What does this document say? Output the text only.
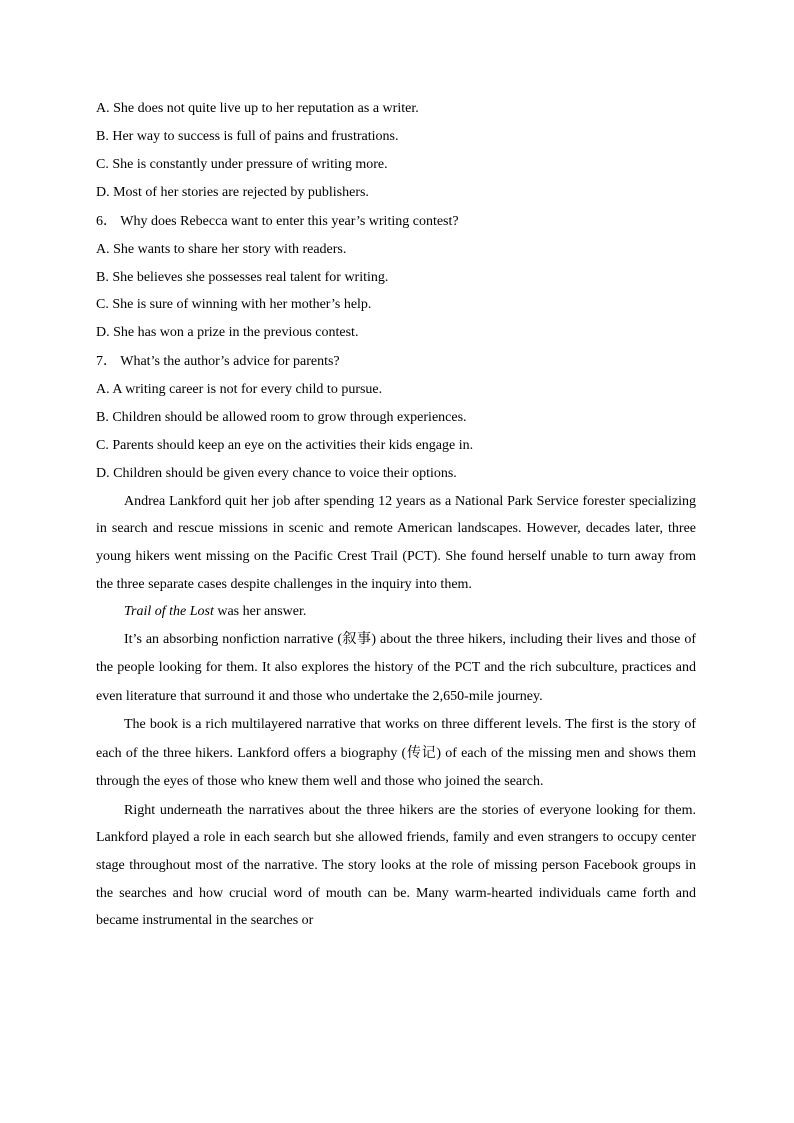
A. She does not quite live up to her reputation as a writer.
B. Her way to success is full of pains and frustrations.
C. She is constantly under pressure of writing more.
D. Most of her stories are rejected by publishers.
6． Why does Rebecca want to enter this year’s writing contest?
A. She wants to share her story with readers.
B. She believes she possesses real talent for writing.
C. She is sure of winning with her mother’s help.
D. She has won a prize in the previous contest.
7． What’s the author’s advice for parents?
A. A writing career is not for every child to pursue.
B. Children should be allowed room to grow through experiences.
C. Parents should keep an eye on the activities their kids engage in.
D. Children should be given every chance to voice their options.

Andrea Lankford quit her job after spending 12 years as a National Park Service forester specializing in search and rescue missions in scenic and remote American landscapes. However, decades later, three young hikers went missing on the Pacific Crest Trail (PCT). She found herself unable to turn away from the three separate cases despite challenges in the inquiry into them.

Trail of the Lost was her answer.

It’s an absorbing nonfiction narrative (叙事) about the three hikers, including their lives and those of the people looking for them. It also explores the history of the PCT and the rich subculture, practices and even literature that surround it and those who undertake the 2,650-mile journey.

The book is a rich multilayered narrative that works on three different levels. The first is the story of each of the three hikers. Lankford offers a biography (传记) of each of the missing men and shows them through the eyes of those who knew them well and those who joined the search.

Right underneath the narratives about the three hikers are the stories of everyone looking for them. Lankford played a role in each search but she allowed friends, family and even strangers to occupy center stage throughout most of the narrative. The story looks at the role of missing person Facebook groups in the searches and how crucial word of mouth can be. Many warm-hearted individuals came forth and became instrumental in the searches or
